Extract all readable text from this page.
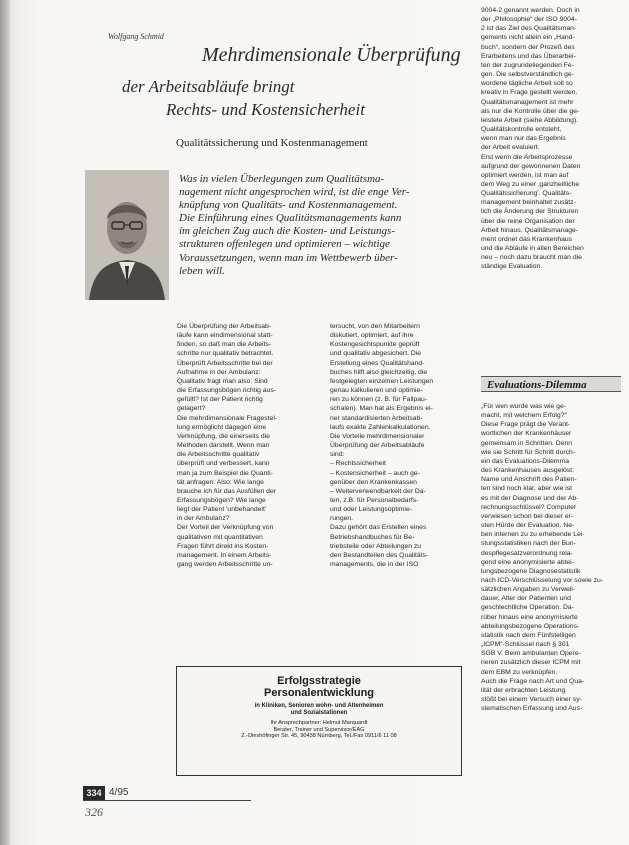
Wolfgang Schmid
Mehrdimensionale Überprüfung
der Arbeitsabläufe bringt
Rechts- und Kostensicherheit
Qualitätssicherung und Kostenmanagement
Was in vielen Überlegungen zum Qualitätsma-
nagement nicht angesprochen wird, ist die enge Ver-
knüpfung von Qualitäts- und Kostenmanagement.
Die Einführung eines Qualitätsmanagements kann
im gleichen Zug auch die Kosten- und Leistungs-
strukturen offenlegen und optimieren – wichtige
Voraussetzungen, wenn man im Wettbewerb über-
leben will.
Die Überprüfung der Arbeitsab-
läufe kann eindimensional statt-
finden, so daß man die Arbeits-
schritte nur qualitativ betrachtet.
Überprüft Arbeitsschritte bei der
Aufnahme in der Ambulanz:
Qualitativ fragt man also: Sind
die Erfassungsbögen richtig aus-
gefüllt? Ist der Patient richtig
gelagert?
Die mehrdimensionale Fragestel-
lung ermöglicht dagegen eine
Verknüpfung, die einerseits die
Methoden darstellt. Wenn man
die Arbeitsschritte qualitativ
überprüft und verbessert, kann
man ja zum Beispiel die Quanti-
tät anfragen: Also: Wie lange
brauche ich für das Ausfüllen der
Erfassungsbögen? Wie lange
liegt der Patient 'unbehandelt'
in der Ambulanz?
Der Vorteil der Verknüpfung von
qualitativen mit quantitativen
Fragen führt direkt ins Kosten-
management. In einem Arbeits-
gang werden Arbeitsschritte un-
tersucht, von den Mitarbeitern
diskutiert, optimiert, auf ihre
Kostengesichtspunkte geprüft
und qualitativ abgesichert. Die
Erstellung eines Qualitätshand-
buches hilft also gleichzeitig, die
festgelegten einzelnen Leistungen
genau kalkulieren und optimie-
ren zu können (z. B. für Fallpau-
schalen). Man hat als Ergebnis ei-
ner standardisierten Arbeitsab-
laufs exakte Zahlenkalkulationen.
Die Vorteile mehrdimensionaler
Überprüfung der Arbeitsabläufe
sind:
– Rechtssicherheit
– Kostensicherheit – auch ge-
genüber den Krankenkassen
– Weiterverwendbarkeit der Da-
ten, z.B. für Personalbedarfs-
und oder Leistungsoptimie-
rungen.
Dazu gehört das Erstellen eines
Betriebshandbuches für Be-
triebsteile oder Abteilungen zu
den Bestandteilen des Qualitäts-
managements, die in der ISO
9004-2 genannt werden. Doch in
der „Philosophie“ der ISO 9004-
2 ist das Ziel des Qualitätsman-
gements nicht allein ein „Hand-
buch“, sondern der Prozeß des
Erarbeitens und das Überarbei-
ten der zugrundeliegenden Fe-
gen. Die selbstverständlich ge-
wordene tägliche Arbeit soll so
kreativ in Frage gestellt werden.
Qualitätsmanagement ist mehr
als nur die Kontrolle über die ge-
leistete Arbeit (siehe Abbildung).
Qualitätskontrolle entsteht,
wenn man nur das Ergebnis
der Arbeit evaluiert.
Erst wenn die Arbeitsprozesse
aufgrund der gewonnenen Daten
optimiert werden, ist man auf
dem Weg zu einer ‚ganzheitliche
Qualitätssicherung'. Qualitäts-
management beinhaltet zusätz-
lich die Änderung der Strukturen
über die reine Organisation der
Arbeit hinaus. Qualitätsmanage-
ment ordnet das Krankenhaus
und die Abläufe in allen Bereichen
neu – noch dazu braucht man die
ständige Evaluation.
Evaluations-Dilemma
„Für wen wurde was wie ge-
macht, mit welchem Erfolg?“
Diese Frage prägt die Verant-
wortlichen der Krankenhäuser
gemeinsam in Schritten. Denn
wie sie Schritt für Schritt durch-
ein das Evaluations-Dilemma
des Krankenhauses ausgelöst:
Name und Anschrift des Patien-
ten sind noch klar, aber wie ist
es mit der Diagnose und der Ab-
rechnungsschlüssel? Computer
verwiesen schon bei dieser er-
sten Hürde der Evaluation. Ne-
ben internen zu zu erhebende Lei-
stungsstatistiken nach der Bun-
despflegesatzverordnung rela-
gend eine anonymisierte abtei-
lungsbezogene Diagnosestatistik
nach ICD-Verschlüsselung vor sowie zu-
sätzlichen Angaben zu Verweil-
dauer, Alter der Patienten und
geschlechtliche Operation. Da-
rüber hinaus eine anonymisierte
abteilungsbezogene Operations-
statistik nach dem Fünfstelligen
„ICPM“-Schlüssel nach § 301
SGB V. Beim ambulanten Opere-
rieren zusätzlich dieser ICPM mit
dem EBM zu verknüpfen.
Auch die Frage nach Art und Qua-
lität der erbrachten Leistung
stößt bei einem Versuch einer sy-
stematischen Erfassung und Aus-
Erfolgsstrategie
Personalentwicklung
in Kliniken, Senioren wohn- und Altenheimen
und Sozialstationen
Ihr Ansprechpartner: Helmut Marquardt
Berater, Trainer und Supervisor/EAG
Z.-Dieshöfinger Str. 45, 90438 Nürnberg, Tel./Fax 0911/6 11 08
334 4/95
326
